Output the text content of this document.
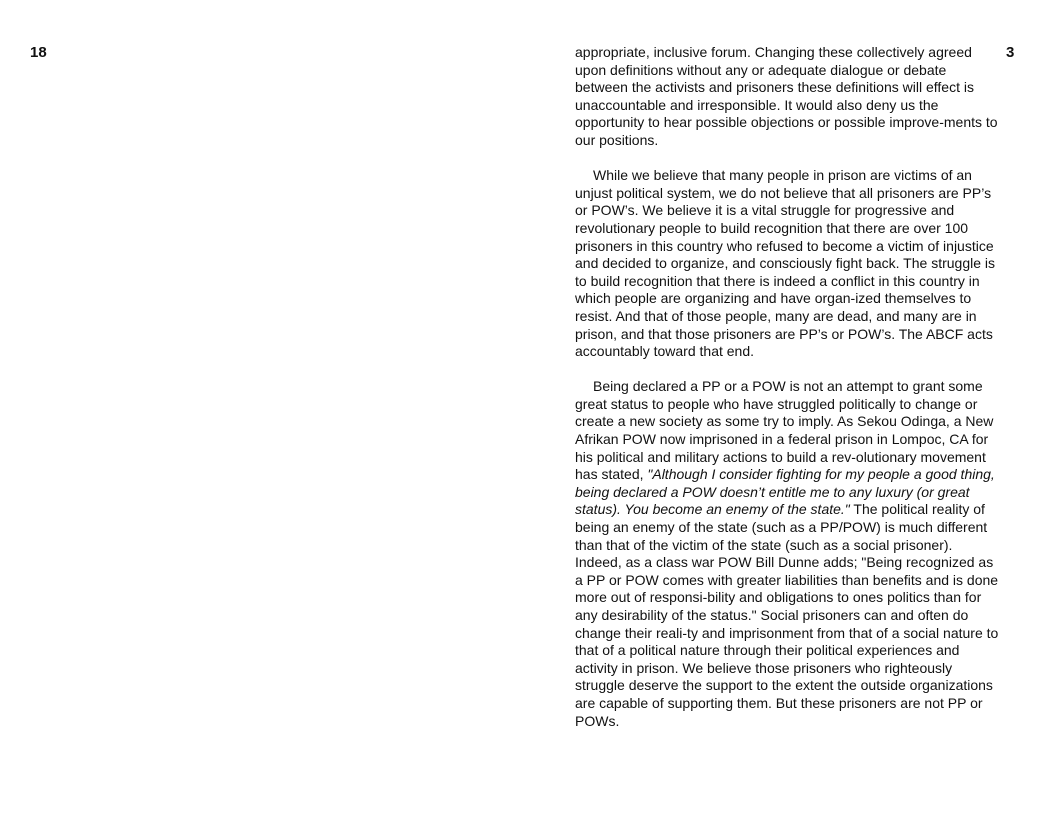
18	3

appropriate, inclusive forum. Changing these collectively agreed upon definitions without any or adequate dialogue or debate between the activists and prisoners these definitions will effect is unaccountable and irresponsible. It would also deny us the opportunity to hear possible objections or possible improve-ments to our positions.

While we believe that many people in prison are victims of an unjust political system, we do not believe that all prisoners are PP’s or POW’s. We believe it is a vital struggle for progressive and revolutionary people to build recognition that there are over 100 prisoners in this country who refused to become a victim of injustice and decided to organize, and consciously fight back. The struggle is to build recognition that there is indeed a conflict in this country in which people are organizing and have organ-ized themselves to resist. And that of those people, many are dead, and many are in prison, and that those prisoners are PP’s or POW’s. The ABCF acts accountably toward that end.

Being declared a PP or a POW is not an attempt to grant some great status to people who have struggled politically to change or create a new society as some try to imply. As Sekou Odinga, a New Afrikan POW now imprisoned in a federal prison in Lompoc, CA for his political and military actions to build a rev-olutionary movement has stated, "Although I consider fighting for my people a good thing, being declared a POW doesn’t entitle me to any luxury (or great status). You become an enemy of the state." The political reality of being an enemy of the state (such as a PP/POW) is much different than that of the victim of the state (such as a social prisoner). Indeed, as a class war POW Bill Dunne adds; "Being recognized as a PP or POW comes with greater liabilities than benefits and is done more out of responsi-bility and obligations to ones politics than for any desirability of the status." Social prisoners can and often do change their reali-ty and imprisonment from that of a social nature to that of a political nature through their political experiences and activity in prison. We believe those prisoners who righteously struggle deserve the support to the extent the outside organizations are capable of supporting them. But these prisoners are not PP or POWs.
